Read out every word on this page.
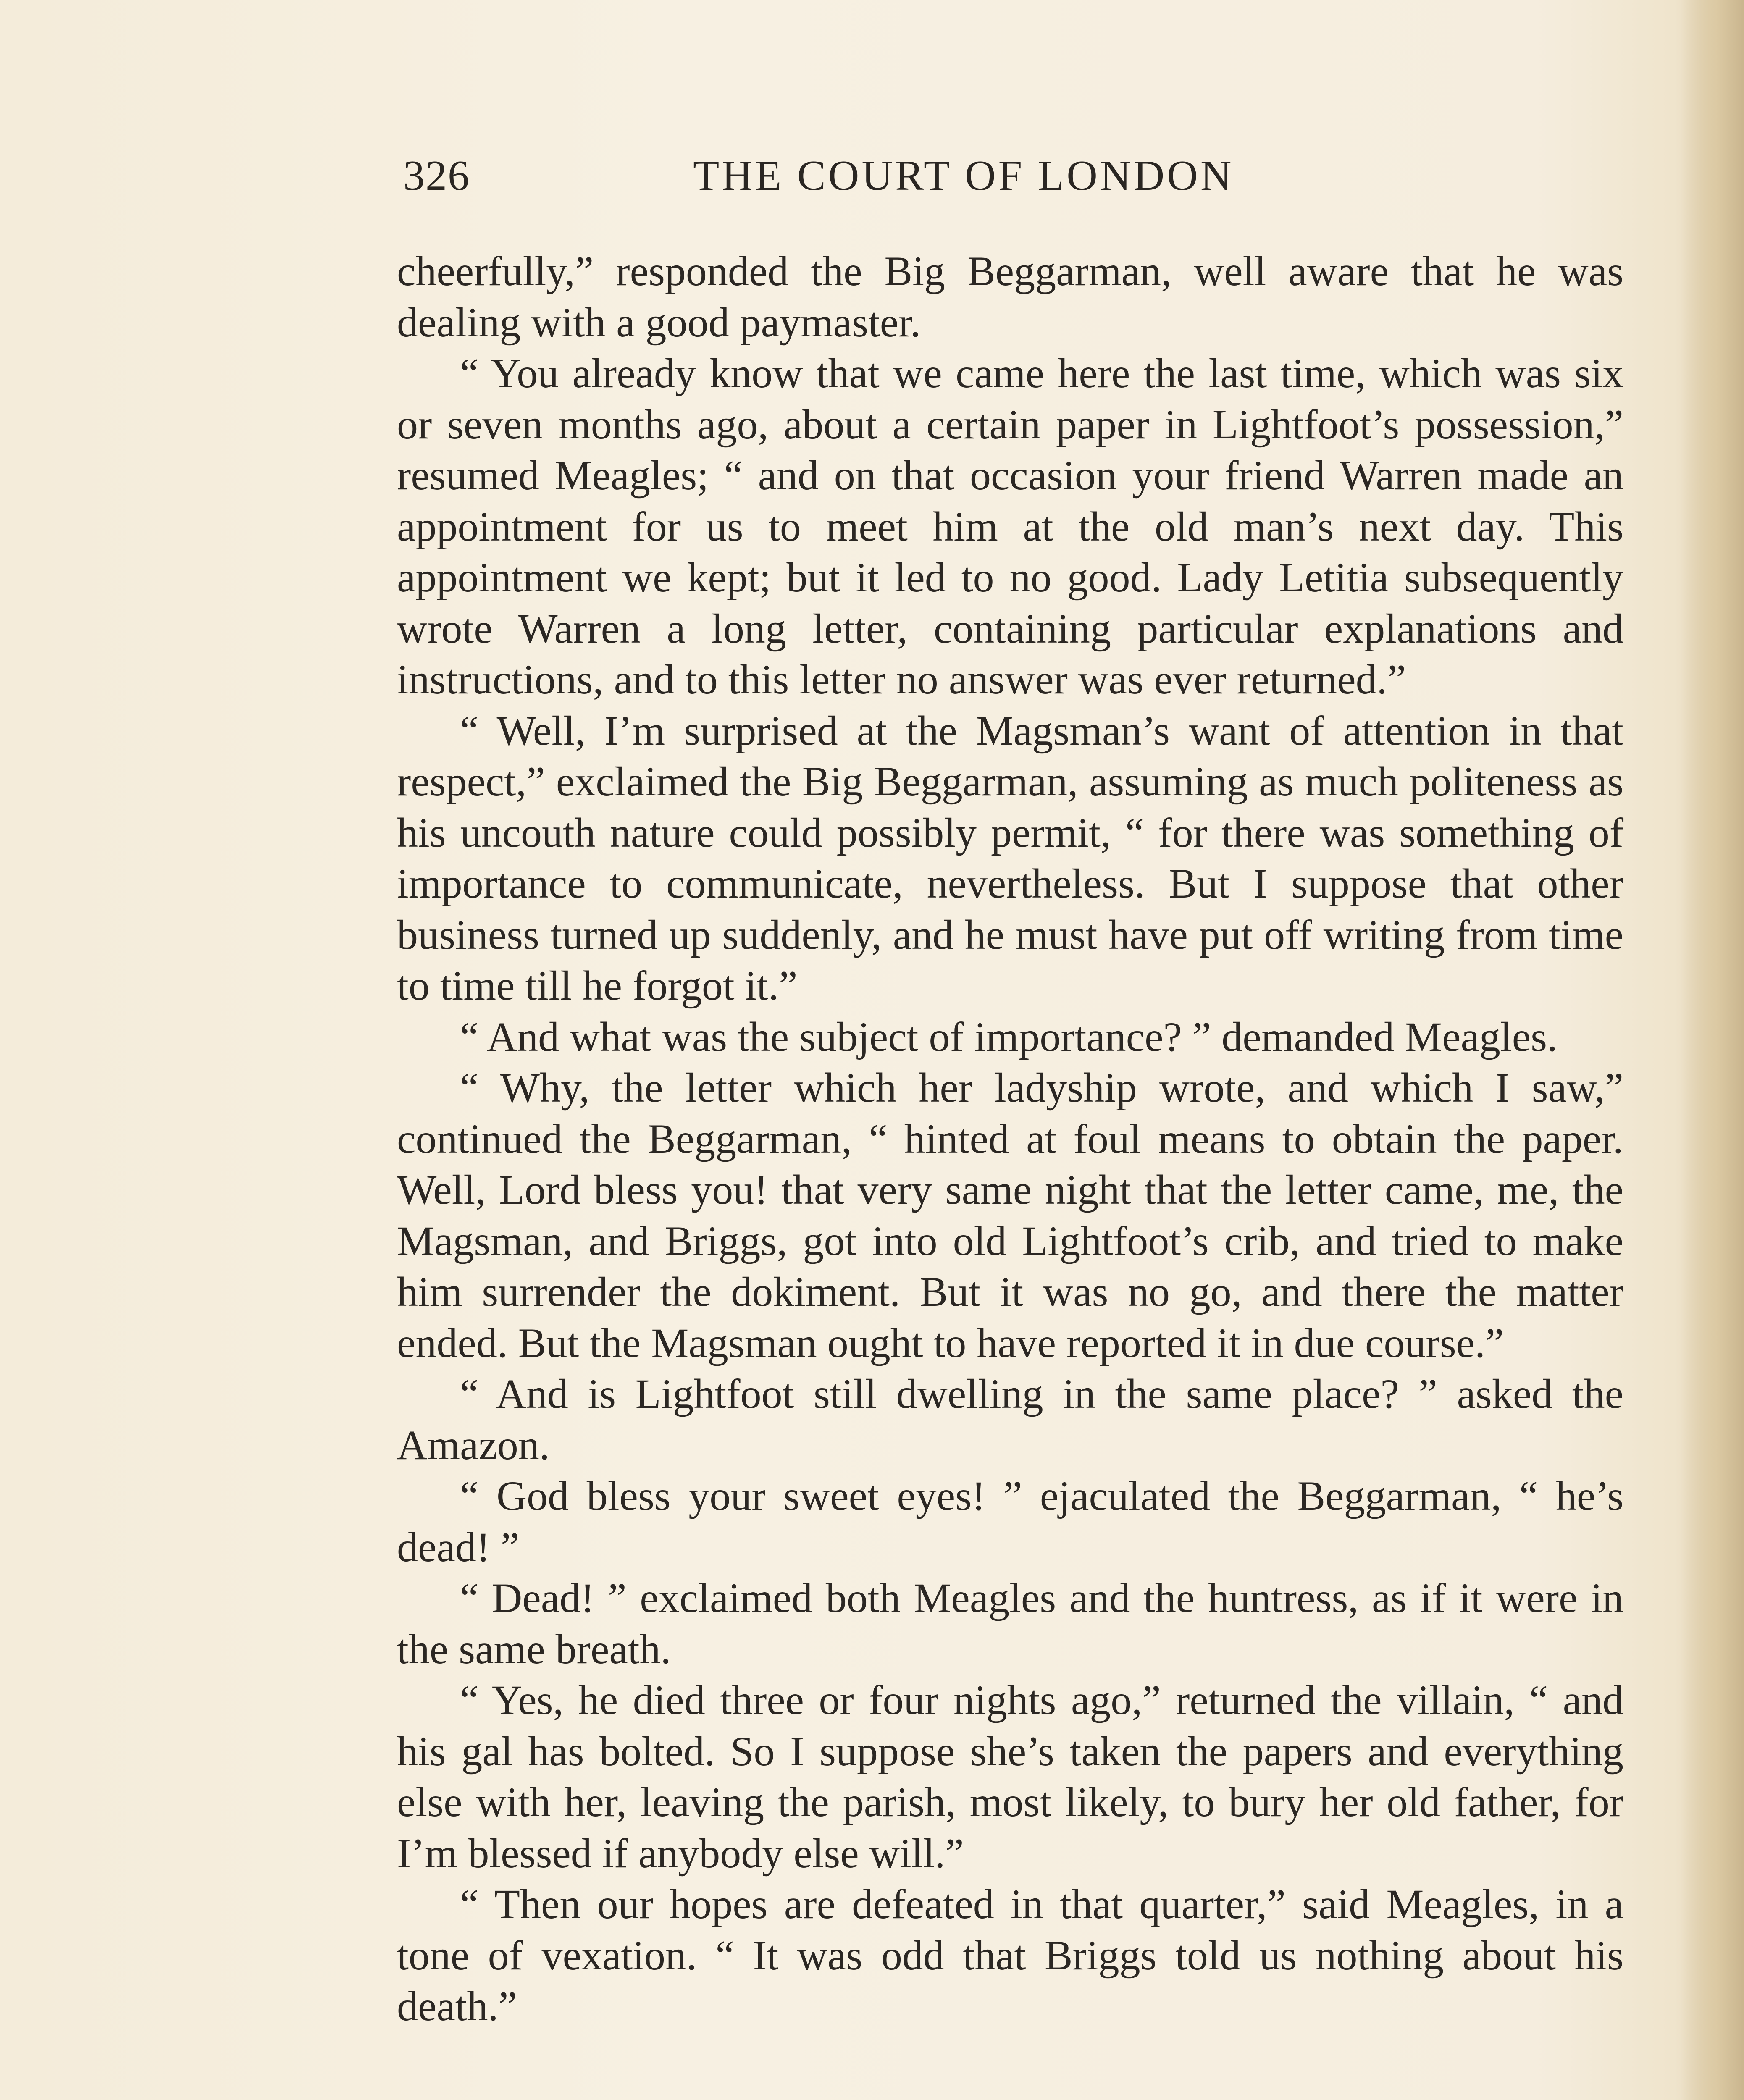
326	THE COURT OF LONDON

cheerfully,” responded the Big Beggarman, well aware that he was dealing with a good paymaster.

“ You already know that we came here the last time, which was six or seven months ago, about a certain paper in Lightfoot’s possession,” resumed Meagles; “ and on that occasion your friend Warren made an appointment for us to meet him at the old man’s next day. This appointment we kept; but it led to no good. Lady Letitia subsequently wrote Warren a long letter, containing particular explanations and instructions, and to this letter no answer was ever returned.”

“ Well, I’m surprised at the Magsman’s want of attention in that respect,” exclaimed the Big Beggarman, assuming as much politeness as his uncouth nature could possibly permit, “ for there was something of importance to communicate, nevertheless. But I suppose that other business turned up suddenly, and he must have put off writing from time to time till he forgot it.”

“ And what was the subject of importance? ” demanded Meagles.

“ Why, the letter which her ladyship wrote, and which I saw,” continued the Beggarman, “ hinted at foul means to obtain the paper. Well, Lord bless you! that very same night that the letter came, me, the Magsman, and Briggs, got into old Lightfoot’s crib, and tried to make him surrender the dokiment. But it was no go, and there the matter ended. But the Magsman ought to have reported it in due course.”

“ And is Lightfoot still dwelling in the same place? ” asked the Amazon.

“ God bless your sweet eyes! ” ejaculated the Beggarman, “ he’s dead! ”

“ Dead! ” exclaimed both Meagles and the huntress, as if it were in the same breath.

“ Yes, he died three or four nights ago,” returned the villain, “ and his gal has bolted. So I suppose she’s taken the papers and everything else with her, leaving the parish, most likely, to bury her old father, for I’m blessed if anybody else will.”

“ Then our hopes are defeated in that quarter,” said Meagles, in a tone of vexation. “ It was odd that Briggs told us nothing about his death.”
